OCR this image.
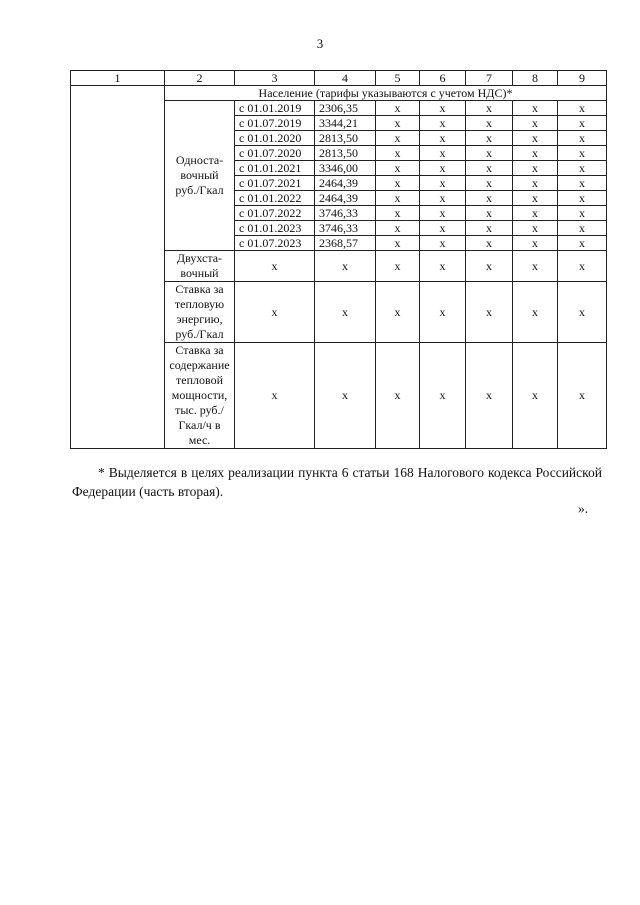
3
1	2	3	4	5	6	7	8	9
	Население (тарифы указываются с учетом НДС)*							
	Односта-вочный руб./Гкал	с 01.01.2019	2306,35	x	x	x	x	x
		с 01.07.2019	3344,21	x	x	x	x	x
		с 01.01.2020	2813,50	x	x	x	x	x
		с 01.07.2020	2813,50	x	x	x	x	x
		с 01.01.2021	3346,00	x	x	x	x	x
		с 01.07.2021	2464,39	x	x	x	x	x
		с 01.01.2022	2464,39	x	x	x	x	x
		с 01.07.2022	3746,33	x	x	x	x	x
		с 01.01.2023	3746,33	x	x	x	x	x
		с 01.07.2023	2368,57	x	x	x	x	x
	Двухста-вочный	x	x	x	x	x	x	x
	Ставка за тепловую энергию, руб./Гкал	x	x	x	x	x	x	x
	Ставка за содержание тепловой мощности, тыс. руб./ Гкал/ч в мес.	x	x	x	x	x	x	x
* Выделяется в целях реализации пункта 6 статьи 168 Налогового кодекса Российской Федерации (часть вторая).
».
